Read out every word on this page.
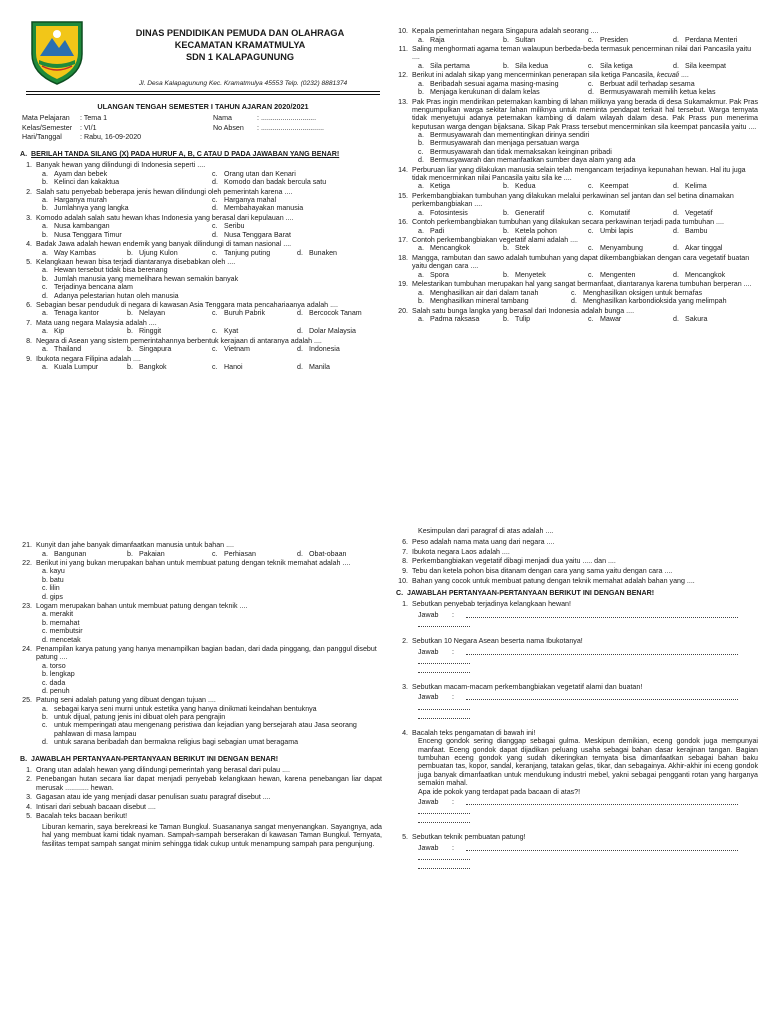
DINAS PENDIDIKAN PEMUDA DAN OLAHRAGA
KECAMATAN KRAMATMULYA
SDN 1 KALAPAGUNUNG
Jl. Desa Kalapagunung Kec. Kramatmulya 45553 Telp. (0232) 8881374
ULANGAN TENGAH SEMESTER I TAHUN AJARAN 2020/2021
Mata Pelajaran	: Tema 1	Nama	: ............................
Kelas/Semester	: VI/1	No Absen	: ................................
Hari/Tanggal	: Rabu, 16-09-2020
A. BERILAH TANDA SILANG (X) PADA HURUF A, B, C ATAU D PADA JAWABAN YANG BENAR!
1. Banyak hewan yang dilindungi di Indonesia seperti ....
a. Ayam dan bebek	c. Orang utan dan Kenari
b. Kelinci dan kakaktua	d. Komodo dan badak bercula satu
2. Salah satu penyebab beberapa jenis hewan dilindungi oleh pemerintah karena ....
a. Harganya murah	c. Harganya mahal
b. Jumlahnya yang langka	d. Membahayakan manusia
3. Komodo adalah salah satu hewan khas Indonesia yang berasal dari kepulauan ....
a. Nusa kambangan	c. Seribu
b. Nusa Tenggara Timur	d. Nusa Tenggara Barat
4. Badak Jawa adalah hewan endemik yang banyak dilindungi di taman nasional ....
a. Way Kambas	b. Ujung Kulon	c. Tanjung puting	d. Bunaken
5. Kelangkaan hewan bisa terjadi diantaranya disebabkan oleh ....
a. Hewan tersebut tidak bisa berenang
b. Jumlah manusia yang memelihara hewan semakin banyak
c. Terjadinya bencana alam
d. Adanya pelestarian hutan oleh manusia
6. Sebagian besar penduduk di negara di kawasan Asia Tenggara mata pencahariaanya adalah ....
a. Tenaga kantor	b. Nelayan	c. Buruh Pabrik	d. Bercocok Tanam
7. Mata uang negara Malaysia adalah ....
a. Kip	b. Ringgit	c. Kyat	d. Dolar Malaysia
8. Negara di Asean yang sistem pemerintahannya berbentuk kerajaan di antaranya adalah ....
a. Thailand	b. Singapura	c. Vietnam	d. Indonesia
9. Ibukota negara Filipina adalah ....
a. Kuala Lumpur	b. Bangkok	c. Hanoi	d. Manila
10. Kepala pemerintahan negara Singapura adalah seorang ....
a. Raja	b. Sultan	c. Presiden	d. Perdana Menteri
11. Saling menghormati agama teman walaupun berbeda-beda termasuk pencerminan nilai dari Pancasila yaitu ....
a. Sila pertama	b. Sila kedua	c. Sila ketiga	d. Sila keempat
12. Berikut ini adalah sikap yang mencerminkan penerapan sila ketiga Pancasila, kecuali ....
a. Beribadah sesuai agama masing-masing	c. Berbuat adil terhadap sesama
b. Menjaga kerukunan di dalam kelas	d. Bermusyawarah memilih ketua kelas
13. Pak Pras ingin mendirikan peternakan kambing di lahan miliknya yang berada di desa Sukamakmur. Pak Pras mengumpulkan warga sekitar lahan miliknya untuk meminta pendapat terkait hal tersebut. Warga ternyata tidak menyetujui adanya peternakan kambing di dalam wilayah dalam desa. Pak Prass pun menerima keputusan warga dengan bijaksana. Sikap Pak Prass tersebut mencerminkan sila keempat pancasila yaitu ....
a. Bermusyawarah dan mementingkan dirinya sendiri
b. Bermusyawarah dan menjaga persatuan warga
c. Bermusyawarah dan tidak memaksakan keinginan pribadi
d. Bermusyawarah dan memanfaatkan sumber daya alam yang ada
14. Perburuan liar yang dilakukan manusia selain telah mengancam terjadinya kepunahan hewan. Hal itu juga tidak mencerminkan nilai Pancasila yaitu sila ke ....
a. Ketiga	b. Kedua	c. Keempat	d. Kelima
15. Perkembangbiakan tumbuhan yang dilakukan melalui perkawinan sel jantan dan sel betina dinamakan perkembangbiakan ....
a. Fotosintesis	b. Generatif	c. Komutatif	d. Vegetatif
16. Contoh perkembangbiakan tumbuhan yang dilakukan secara perkawinan terjadi pada tumbuhan ....
a. Padi	b. Ketela pohon	c. Umbi lapis	d. Bambu
17. Contoh perkembangbiakan vegetatif alami adalah ....
a. Mencangkok	b. Stek	c. Menyambung	d. Akar tinggal
18. Mangga, rambutan dan sawo adalah tumbuhan yang dapat dikembangbiakan dengan cara vegetatif buatan yaitu dengan cara ....
a. Spora	b. Menyetek	c. Mengenten	d. Mencangkok
19. Melestarikan tumbuhan merupakan hal yang sangat bermanfaat, diantaranya karena tumbuhan berperan ....
a. Menghasilkan air dari dalam tanah	c. Menghasilkan oksigen untuk bernafas
b. Menghasilkan mineral tambang	d. Menghasilkan karbondioksida yang melimpah
20. Salah satu bunga langka yang berasal dari Indonesia adalah bunga ....
a. Padma raksasa	b. Tulip	c. Mawar	d. Sakura
21. Kunyit dan jahe banyak dimanfaatkan manusia untuk bahan ....
a. Bangunan	b. Pakaian	c. Perhiasan	d. Obat-obaan
22. Berikut ini yang bukan merupakan bahan untuk membuat patung dengan teknik memahat adalah ....
a. kayu
b. batu
c. lilin
d. gips
23. Logam merupakan bahan untuk membuat patung dengan teknik ....
a. merakit
b. memahat
c. membutsir
d. mencetak
24. Penampilan karya patung yang hanya menampilkan bagian badan, dari dada pinggang, dan panggul disebut patung ....
a. torso
b. lengkap
c. dada
d. penuh
25. Patung seni adalah patung yang dibuat dengan tujuan ....
a. sebagai karya seni murni untuk estetika yang hanya dinikmati keindahan bentuknya
b. untuk dijual, patung jenis ini dibuat oleh para pengrajin
c. untuk memperingati atau mengenang peristiwa dan kejadian yang bersejarah atau Jasa seorang pahlawan di masa lampau
d. untuk sarana beribadah dan bermakna religius bagi sebagian umat beragama
B. JAWABLAH PERTANYAAN-PERTANYAAN BERIKUT INI DENGAN BENAR!
1. Orang utan adalah hewan yang dilindungi pemerintah yang berasal dari pulau ....
2. Penebangan hutan secara liar dapat menjadi penyebab kelangkaan hewan, karena penebangan liar dapat merusak ............ hewan.
3. Gagasan atau ide yang menjadi dasar penulisan suatu paragraf disebut ....
4. Intisari dari sebuah bacaan disebut ....
5. Bacalah teks bacaan berikut!
Liburan kemarin, saya berekreasi ke Taman Bungkul. Suasananya sangat menyenangkan. Sayangnya, ada hal yang membuat kami tidak nyaman. Sampah-sampah berserakan di kawasan Taman Bungkul. Ternyata, fasilitas tempat sampah sangat minim sehingga tidak cukup untuk menampung sampah para pengunjung.
Kesimpulan dari paragraf di atas adalah ....
6. Peso adalah nama mata uang dari negara ....
7. Ibukota negara Laos adalah ....
8. Perkembangbiakan vegetatif dibagi menjadi dua yaitu ..... dan ....
9. Tebu dan ketela pohon bisa ditanam dengan cara yang sama yaitu dengan cara ....
10. Bahan yang cocok untuk membuat patung dengan teknik memahat adalah bahan yang ....
C. JAWABLAH PERTANYAAN-PERTANYAAN BERIKUT INI DENGAN BENAR!
1. Sebutkan penyebab terjadinya kelangkaan hewan!
Jawab	:
2. Sebutkan 10 Negara Asean beserta nama Ibukotanya!
Jawab	:
3. Sebutkan macam-macam perkembangbiakan vegetatif alami dan buatan!
Jawab	:
4. Bacalah teks pengamatan di bawah ini!
Enceng gondok sering dianggap sebagai gulma. Meskipun demikian, eceng gondok juga mempunyai manfaat. Eceng gondok dapat dijadikan peluang usaha sebagai bahan dasar kerajinan tangan. Bagian tumbuhan eceng gondok yang sudah dikeringkan ternyata bisa dimanfaatkan sebagai bahan baku pembuatan tas, kopor, sandal, keranjang, tatakan gelas, tikar, dan sebagainya. Akhir-akhir ini eceng gondok juga banyak dimanfaatkan untuk mendukung industri mebel, yakni sebagai pengganti rotan yang harganya semakin mahal.
Apa ide pokok yang terdapat pada bacaan di atas?!
Jawab	:
5. Sebutkan teknik pembuatan patung!
Jawab	:
